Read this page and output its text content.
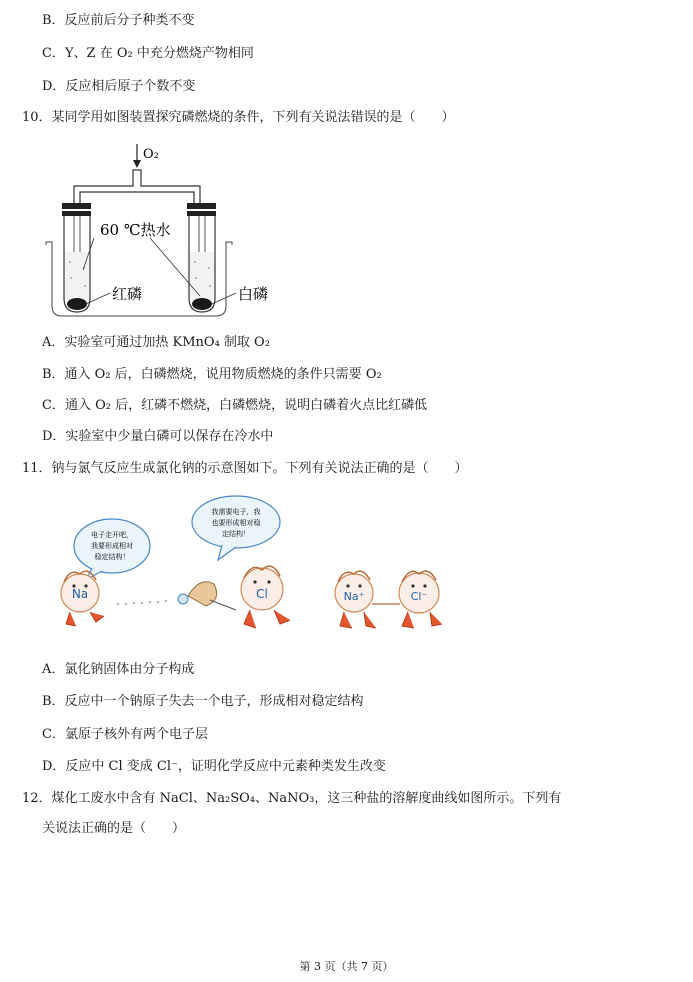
B．反应前后分子种类不变
C．Y、Z 在 O₂ 中充分燃烧产物相同
D．反应相后原子个数不变
10．某同学用如图装置探究磷燃烧的条件，下列有关说法错误的是（　　）
O₂
60 ℃热水
红磷	白磷
A．实验室可通过加热 KMnO₄ 制取 O₂
B．通入 O₂ 后，白磷燃烧，说用物质燃烧的条件只需要 O₂
C．通入 O₂ 后，红磷不燃烧，白磷燃烧，说明白磷着火点比红磷低
D．实验室中少量白磷可以保存在冷水中
11．钠与氯气反应生成氯化钠的示意图如下。下列有关说法正确的是（　　）
电子走开吧，
我要形成相对
稳定结构！
我需要电子，我
也要形成相对稳
定结构！
Na	Cl	Na⁺	Cl⁻
A．氯化钠固体由分子构成
B．反应中一个钠原子失去一个电子，形成相对稳定结构
C．氯原子核外有两个电子层
D．反应中 Cl 变成 Cl⁻，证明化学反应中元素种类发生改变
12．煤化工废水中含有 NaCl、Na₂SO₄、NaNO₃，这三种盐的溶解度曲线如图所示。下列有
关说法正确的是（　　）
第 3 页（共 7 页）
